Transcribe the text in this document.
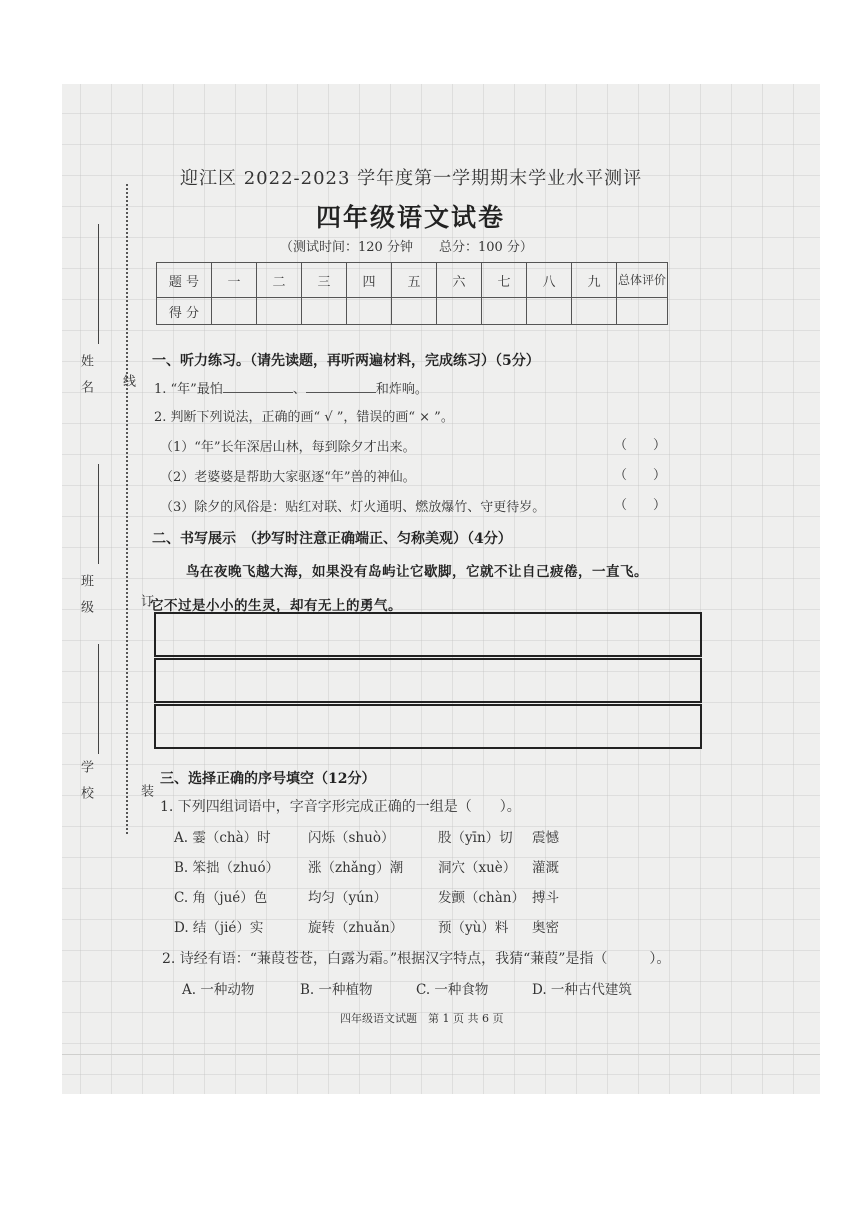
姓　名
班　级
学　校
线
订
装
迎江区 2022-2023 学年度第一学期期末学业水平测评
四年级语文试卷
（测试时间：120 分钟　　总分：100 分）
题 号	一	二	三	四	五	六	七	八	九	总体评价
得 分										
一、听力练习。（请先读题，再听两遍材料，完成练习）（5分）
1. “年”最怕	、	和炸响。
2. 判断下列说法，正确的画“ √ ”，错误的画“ × ”。
（1）“年”长年深居山林，每到除夕才出来。	（　　）
（2）老婆婆是帮助大家驱逐“年”兽的神仙。	（　　）
（3）除夕的风俗是：贴红对联、灯火通明、燃放爆竹、守更待岁。	（　　）
二、书写展示　（抄写时注意正确端正、匀称美观）（4分）
鸟在夜晚飞越大海，如果没有岛屿让它歇脚，它就不让自己疲倦，一直飞。
它不过是小小的生灵，却有无上的勇气。
三、选择正确的序号填空（12分）
1. 下列四组词语中，字音字形完成正确的一组是（　　）。
A. 霎（chà）时	闪烁（shuò）	股（yīn）切 震憾
B. 笨拙（zhuó） 涨（zhǎng）潮	洞穴（xuè） 灌溉
C. 角（jué）色	均匀（yún）	发颤（chàn） 搏斗
D. 结（jié）实	旋转（zhuǎn）	预（yù）料 奥密
2. 诗经有语：“蒹葭苍苍，白露为霜。”根据汉字特点，我猜“蒹葭”是指（　　　）。
A. 一种动物	B. 一种植物	C. 一种食物	D. 一种古代建筑
四年级语文试题　第 1 页 共 6 页
